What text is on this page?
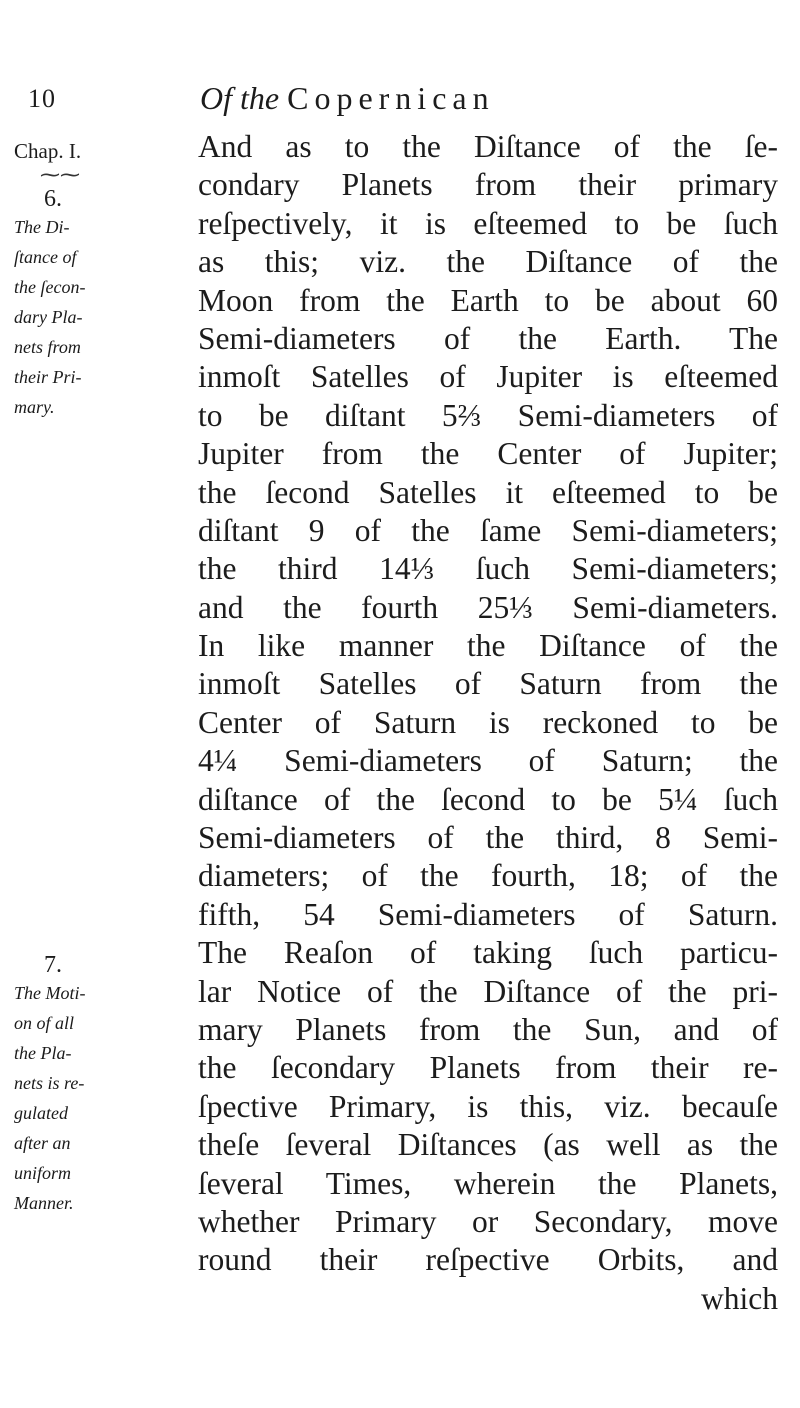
10	Of the Copernican
Chap. I.
⁓⁓
6.
The Di-
ſtance of
the ſecon-
dary Pla-
nets from
their Pri-
mary.
7.
The Moti-
on of all
the Pla-
nets is re-
gulated
after an
uniform
Manner.
And as to the Diſtance of the ſe-
condary Planets from their primary
reſpectively, it is eſteemed to be ſuch
as this; viz. the Diſtance of the
Moon from the Earth to be about 60
Semi-diameters of the Earth. The
inmoſt Satelles of Jupiter is eſteemed
to be diſtant 5⅔ Semi-diameters of
Jupiter from the Center of Jupiter;
the ſecond Satelles it eſteemed to be
diſtant 9 of the ſame Semi-diameters;
the third 14⅓ ſuch Semi-diameters;
and the fourth 25⅓ Semi-diameters.
In like manner the Diſtance of the
inmoſt Satelles of Saturn from the
Center of Saturn is reckoned to be
4¼ Semi-diameters of Saturn; the
diſtance of the ſecond to be 5¼ ſuch
Semi-diameters of the third, 8 Semi-
diameters; of the fourth, 18; of the
fifth, 54 Semi-diameters of Saturn.
The Reaſon of taking ſuch particu-
lar Notice of the Diſtance of the pri-
mary Planets from the Sun, and of
the ſecondary Planets from their re-
ſpective Primary, is this, viz. becauſe
theſe ſeveral Diſtances (as well as the
ſeveral Times, wherein the Planets,
whether Primary or Secondary, move
round their reſpective Orbits, and
which
